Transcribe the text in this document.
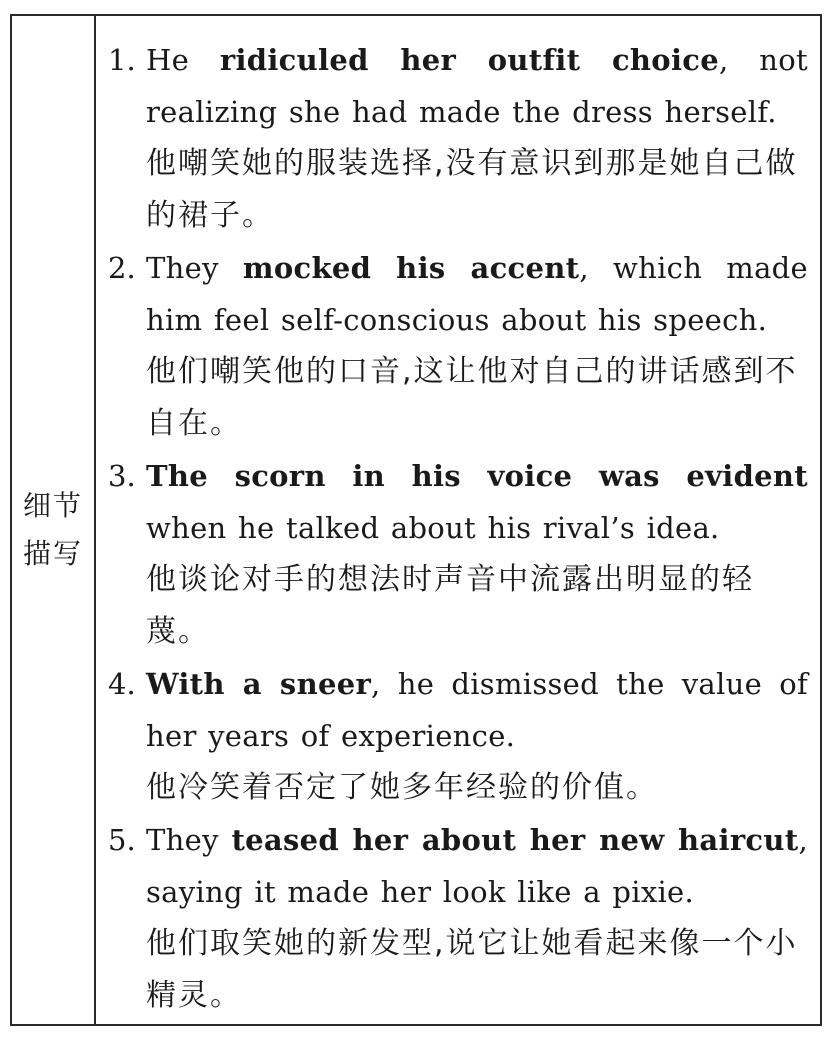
细节描写
1. He ridiculed her outfit choice, not realizing she had made the dress herself.
他嘲笑她的服装选择,没有意识到那是她自己做的裙子。
2. They mocked his accent, which made him feel self-conscious about his speech.
他们嘲笑他的口音,这让他对自己的讲话感到不自在。
3. The scorn in his voice was evident when he talked about his rival’s idea.
他谈论对手的想法时声音中流露出明显的轻蔑。
4. With a sneer, he dismissed the value of her years of experience.
他冷笑着否定了她多年经验的价值。
5. They teased her about her new haircut, saying it made her look like a pixie.
他们取笑她的新发型,说它让她看起来像一个小精灵。
